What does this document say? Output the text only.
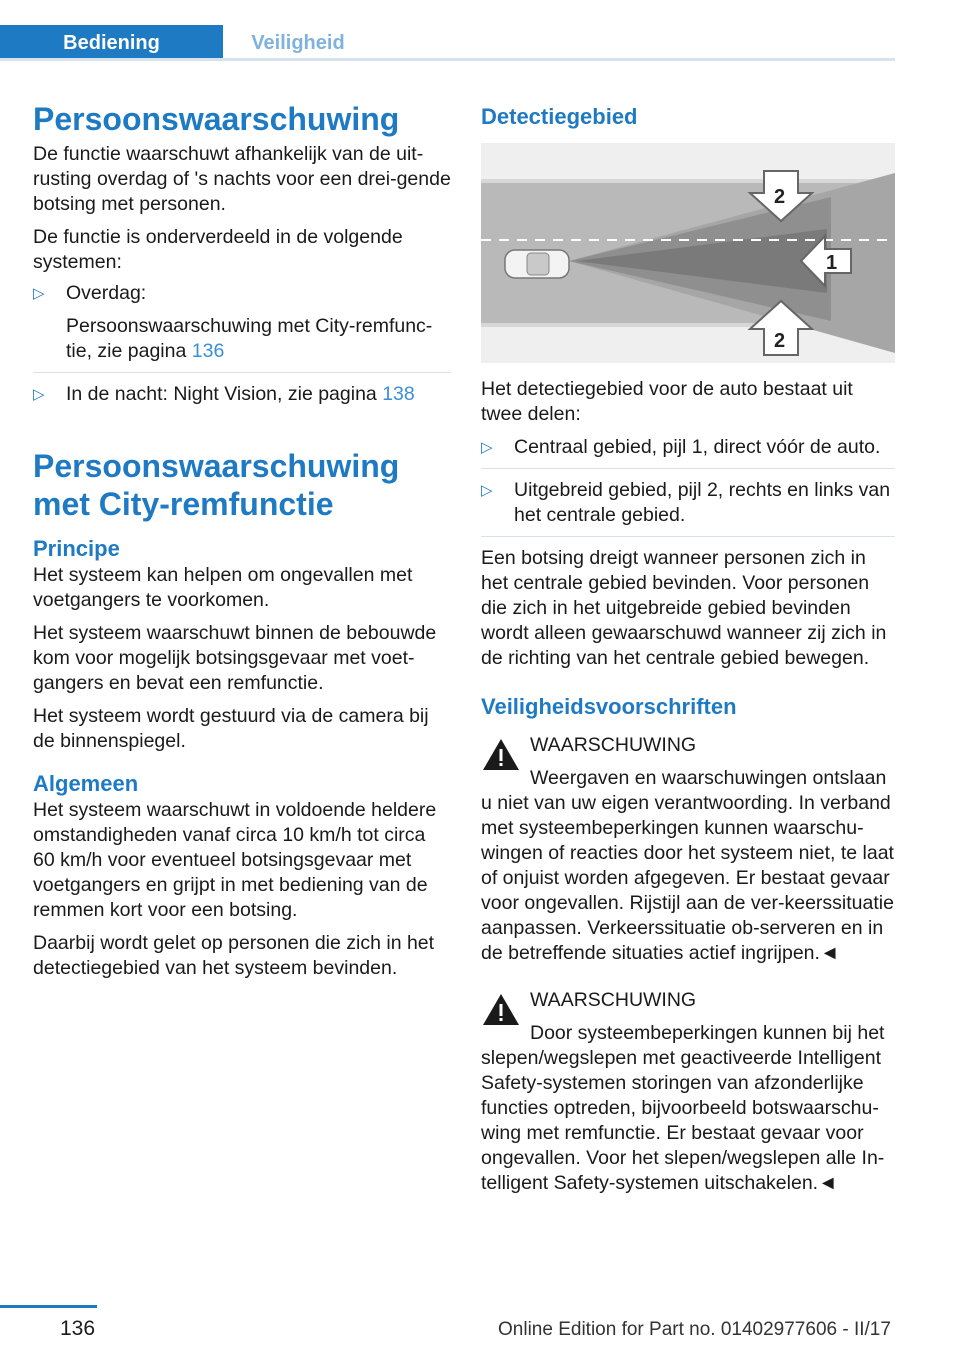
Bediening	Veiligheid
Persoonswaarschuwing

De functie waarschuwt afhankelijk van de uit-rusting overdag of 's nachts voor een drei-gende botsing met personen.

De functie is onderverdeeld in de volgende systemen:

▷ Overdag:

Persoonswaarschuwing met City-remfunc-tie, zie pagina 136
▷ In de nacht: Night Vision, zie pagina 138
Persoonswaarschuwing met City-remfunctie
Principe

Het systeem kan helpen om ongevallen met voetgangers te voorkomen.

Het systeem waarschuwt binnen de bebouwde kom voor mogelijk botsingsgevaar met voet-gangers en bevat een remfunctie.

Het systeem wordt gestuurd via de camera bij de binnenspiegel.

Algemeen

Het systeem waarschuwt in voldoende heldere omstandigheden vanaf circa 10 km/h tot circa 60 km/h voor eventueel botsingsgevaar met voetgangers en grijpt in met bediening van de remmen kort voor een botsing.

Daarbij wordt gelet op personen die zich in het detectiegebied van het systeem bevinden.

Detectiegebied
1
2
2

Het detectiegebied voor de auto bestaat uit twee delen:

▷ Centraal gebied, pijl 1, direct vóór de auto.
▷ Uitgebreid gebied, pijl 2, rechts en links van het centrale gebied.

Een botsing dreigt wanneer personen zich in het centrale gebied bevinden. Voor personen die zich in het uitgebreide gebied bevinden wordt alleen gewaarschuwd wanneer zij zich in de richting van het centrale gebied bewegen.

Veiligheidsvoorschriften
WAARSCHUWING

Weergaven en waarschuwingen ontslaan u niet van uw eigen verantwoording. In verband met systeembeperkingen kunnen waarschu-wingen of reacties door het systeem niet, te laat of onjuist worden afgegeven. Er bestaat gevaar voor ongevallen. Rijstijl aan de ver-keerssituatie aanpassen. Verkeerssituatie ob-serveren en in de betreffende situaties actief ingrijpen.◄

WAARSCHUWING

Door systeembeperkingen kunnen bij het slepen/wegslepen met geactiveerde Intelligent Safety-systemen storingen van afzonderlijke functies optreden, bijvoorbeeld botswaarschu-wing met remfunctie. Er bestaat gevaar voor ongevallen. Voor het slepen/wegslepen alle In-telligent Safety-systemen uitschakelen.◄

136	Online Edition for Part no. 01402977606 - II/17
